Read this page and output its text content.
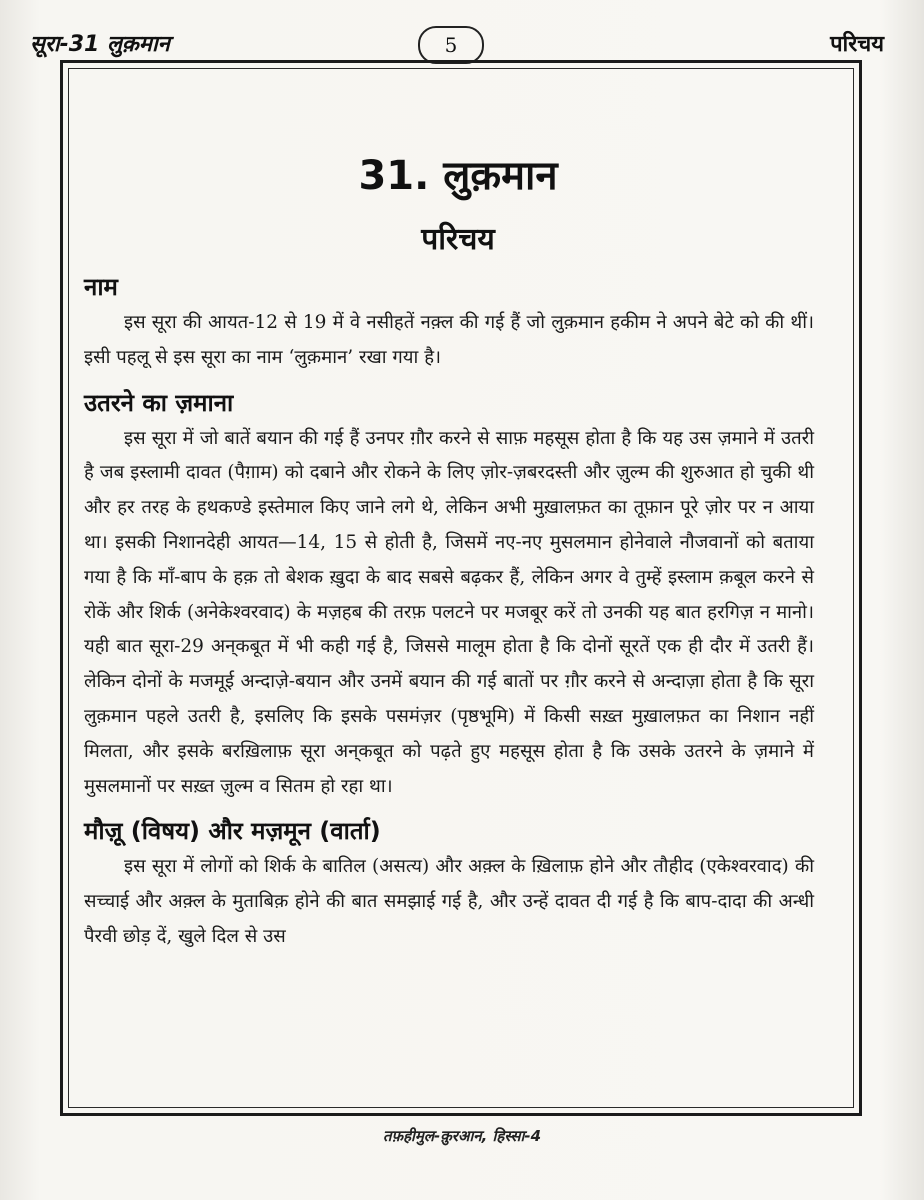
सूरा-31 लुक़मान	5	परिचय
31. लुक़मान
परिचय
नाम

इस सूरा की आयत-12 से 19 में वे नसीहतें नक़्ल की गई हैं जो लुक़मान हकीम ने अपने बेटे को की थीं। इसी पहलू से इस सूरा का नाम ‘लुक़मान’ रखा गया है।

उतरने का ज़माना

इस सूरा में जो बातें बयान की गई हैं उनपर ग़ौर करने से साफ़ महसूस होता है कि यह उस ज़माने में उतरी है जब इस्लामी दावत (पैग़ाम) को दबाने और रोकने के लिए ज़ोर-ज़बरदस्ती और ज़ुल्म की शुरुआत हो चुकी थी और हर तरह के हथकण्डे इस्तेमाल किए जाने लगे थे, लेकिन अभी मुख़ालफ़त का तूफ़ान पूरे ज़ोर पर न आया था। इसकी निशानदेही आयत—14, 15 से होती है, जिसमें नए-नए मुसलमान होनेवाले नौजवानों को बताया गया है कि माँ-बाप के हक़ तो बेशक ख़ुदा के बाद सबसे बढ़कर हैं, लेकिन अगर वे तुम्हें इस्लाम क़बूल करने से रोकें और शिर्क (अनेकेश्वरवाद) के मज़हब की तरफ़ पलटने पर मजबूर करें तो उनकी यह बात हरगिज़ न मानो। यही बात सूरा-29 अन्‌कबूत में भी कही गई है, जिससे मालूम होता है कि दोनों सूरतें एक ही दौर में उतरी हैं। लेकिन दोनों के मजमूई अन्दाज़े-बयान और उनमें बयान की गई बातों पर ग़ौर करने से अन्दाज़ा होता है कि सूरा लुक़मान पहले उतरी है, इसलिए कि इसके पसमंज़र (पृष्ठभूमि) में किसी सख़्त मुख़ालफ़त का निशान नहीं मिलता, और इसके बरख़िलाफ़ सूरा अन्‌कबूत को पढ़ते हुए महसूस होता है कि उसके उतरने के ज़माने में मुसलमानों पर सख़्त ज़ुल्म व सितम हो रहा था।

मौज़ू (विषय) और मज़मून (वार्ता)

इस सूरा में लोगों को शिर्क के बातिल (असत्य) और अक़्ल के ख़िलाफ़ होने और तौहीद (एकेश्वरवाद) की सच्चाई और अक़्ल के मुताबिक़ होने की बात समझाई गई है, और उन्हें दावत दी गई है कि बाप-दादा की अन्धी पैरवी छोड़ दें, खुले दिल से उस

तफ़हीमुल-क़ुरआन, हिस्सा-4
